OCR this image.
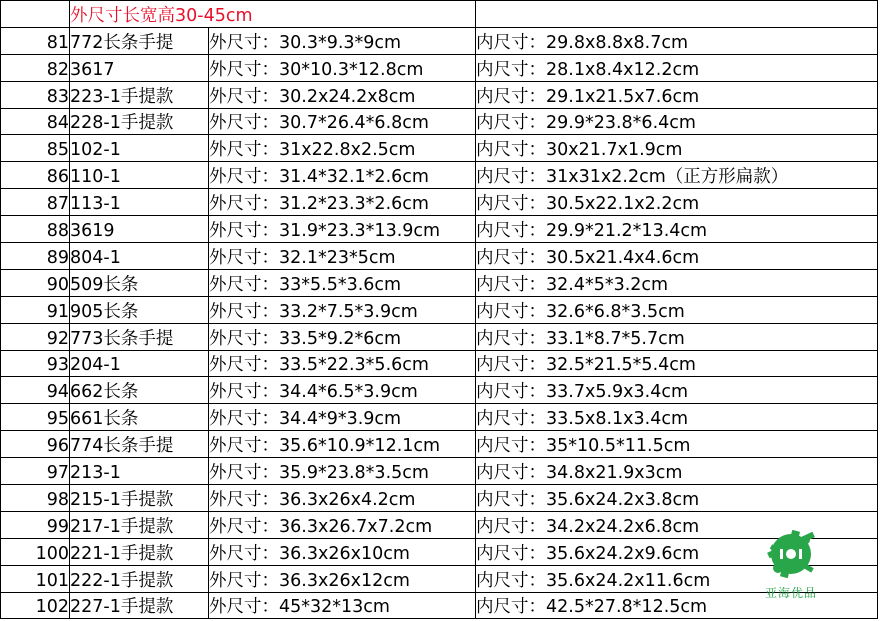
	外尺寸长宽高30-45cm		
81	772长条手提	外尺寸：30.3*9.3*9cm	内尺寸：29.8x8.8x8.7cm
82	3617	外尺寸：30*10.3*12.8cm	内尺寸：28.1x8.4x12.2cm
83	223-1手提款	外尺寸：30.2x24.2x8cm	内尺寸：29.1x21.5x7.6cm
84	228-1手提款	外尺寸：30.7*26.4*6.8cm	内尺寸：29.9*23.8*6.4cm
85	102-1	外尺寸：31x22.8x2.5cm	内尺寸：30x21.7x1.9cm
86	110-1	外尺寸：31.4*32.1*2.6cm	内尺寸：31x31x2.2cm（正方形扁款）
87	113-1	外尺寸：31.2*23.3*2.6cm	内尺寸：30.5x22.1x2.2cm
88	3619	外尺寸：31.9*23.3*13.9cm	内尺寸：29.9*21.2*13.4cm
89	804-1	外尺寸：32.1*23*5cm	内尺寸：30.5x21.4x4.6cm
90	509长条	外尺寸：33*5.5*3.6cm	内尺寸：32.4*5*3.2cm
91	905长条	外尺寸：33.2*7.5*3.9cm	内尺寸：32.6*6.8*3.5cm
92	773长条手提	外尺寸：33.5*9.2*6cm	内尺寸：33.1*8.7*5.7cm
93	204-1	外尺寸：33.5*22.3*5.6cm	内尺寸：32.5*21.5*5.4cm
94	662长条	外尺寸：34.4*6.5*3.9cm	内尺寸：33.7x5.9x3.4cm
95	661长条	外尺寸：34.4*9*3.9cm	内尺寸：33.5x8.1x3.4cm
96	774长条手提	外尺寸：35.6*10.9*12.1cm	内尺寸：35*10.5*11.5cm
97	213-1	外尺寸：35.9*23.8*3.5cm	内尺寸：34.8x21.9x3cm
98	215-1手提款	外尺寸：36.3x26x4.2cm	内尺寸：35.6x24.2x3.8cm
99	217-1手提款	外尺寸：36.3x26.7x7.2cm	内尺寸：34.2x24.2x6.8cm
100	221-1手提款	外尺寸：36.3x26x10cm	内尺寸：35.6x24.2x9.6cm
101	222-1手提款	外尺寸：36.3x26x12cm	内尺寸：35.6x24.2x11.6cm
102	227-1手提款	外尺寸：45*32*13cm	内尺寸：42.5*27.8*12.5cm
亚海优品
